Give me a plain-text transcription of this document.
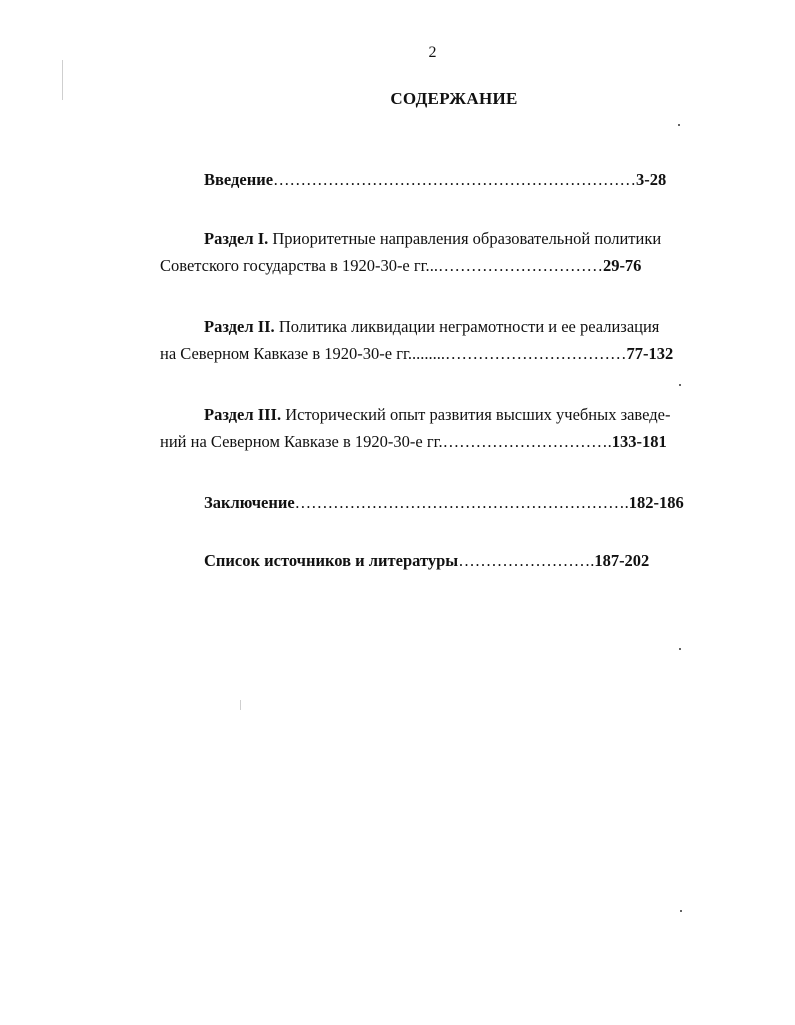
2
СОДЕРЖАНИЕ
Введение…………………………………………………………3-28
Раздел I. Приоритетные направления образовательной политики
Советского государства в 1920-30-е гг...…………………………29-76
Раздел II. Политика ликвидации неграмотности и ее реализация
на Северном Кавказе в 1920-30-е гг.........……………………………77-132
Раздел III. Исторический опыт развития высших учебных заведе-
ний на Северном Кавказе в 1920-30-е гг.………………………….133-181
Заключение…………………………………………………….182-186
Список источников и литературы…………………….187-202
